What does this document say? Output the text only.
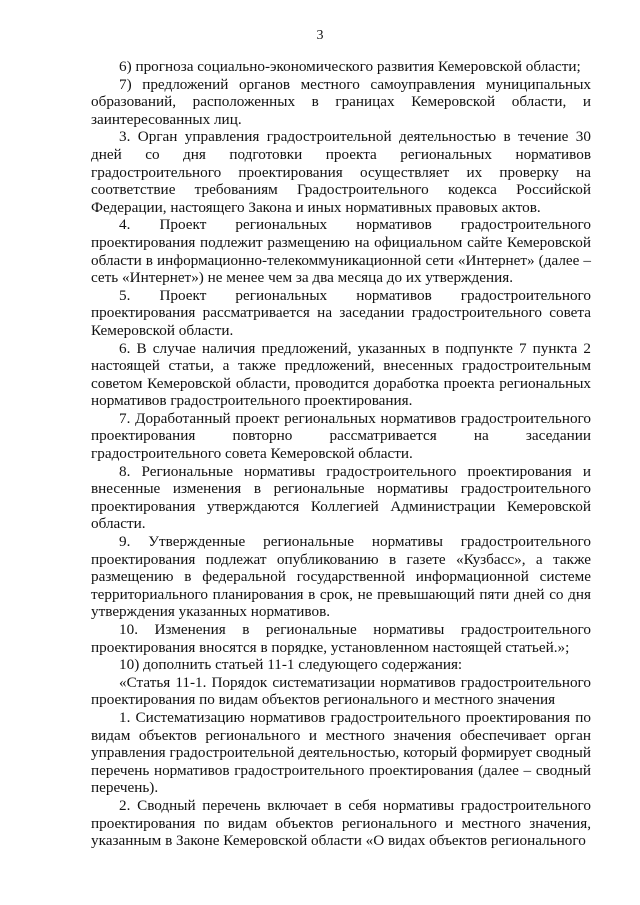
3

6) прогноза социально-экономического развития Кемеровской области;

7) предложений органов местного самоуправления муниципальных образований, расположенных в границах Кемеровской области, и заинтересованных лиц.

3. Орган управления градостроительной деятельностью в течение 30 дней со дня подготовки проекта региональных нормативов градостроительного проектирования осуществляет их проверку на соответствие требованиям Градостроительного кодекса Российской Федерации, настоящего Закона и иных нормативных правовых актов.

4. Проект региональных нормативов градостроительного проектирования подлежит размещению на официальном сайте Кемеровской области в информационно-телекоммуникационной сети «Интернет» (далее – сеть «Интернет») не менее чем за два месяца до их утверждения.

5. Проект региональных нормативов градостроительного проектирования рассматривается на заседании градостроительного совета Кемеровской области.

6. В случае наличия предложений, указанных в подпункте 7 пункта 2 настоящей статьи, а также предложений, внесенных градостроительным советом Кемеровской области, проводится доработка проекта региональных нормативов градостроительного проектирования.

7. Доработанный проект региональных нормативов градостроительного проектирования повторно рассматривается на заседании градостроительного совета Кемеровской области.

8. Региональные нормативы градостроительного проектирования и внесенные изменения в региональные нормативы градостроительного проектирования утверждаются Коллегией Администрации Кемеровской области.

9. Утвержденные региональные нормативы градостроительного проектирования подлежат опубликованию в газете «Кузбасс», а также размещению в федеральной государственной информационной системе территориального планирования в срок, не превышающий пяти дней со дня утверждения указанных нормативов.

10. Изменения в региональные нормативы градостроительного проектирования вносятся в порядке, установленном настоящей статьей.»;

10) дополнить статьей 11-1 следующего содержания:

«Статья 11-1. Порядок систематизации нормативов градостроительного проектирования по видам объектов регионального и местного значения

1. Систематизацию нормативов градостроительного проектирования по видам объектов регионального и местного значения обеспечивает орган управления градостроительной деятельностью, который формирует сводный перечень нормативов градостроительного проектирования (далее – сводный перечень).

2. Сводный перечень включает в себя нормативы градостроительного проектирования по видам объектов регионального и местного значения, указанным в Законе Кемеровской области «О видах объектов регионального
